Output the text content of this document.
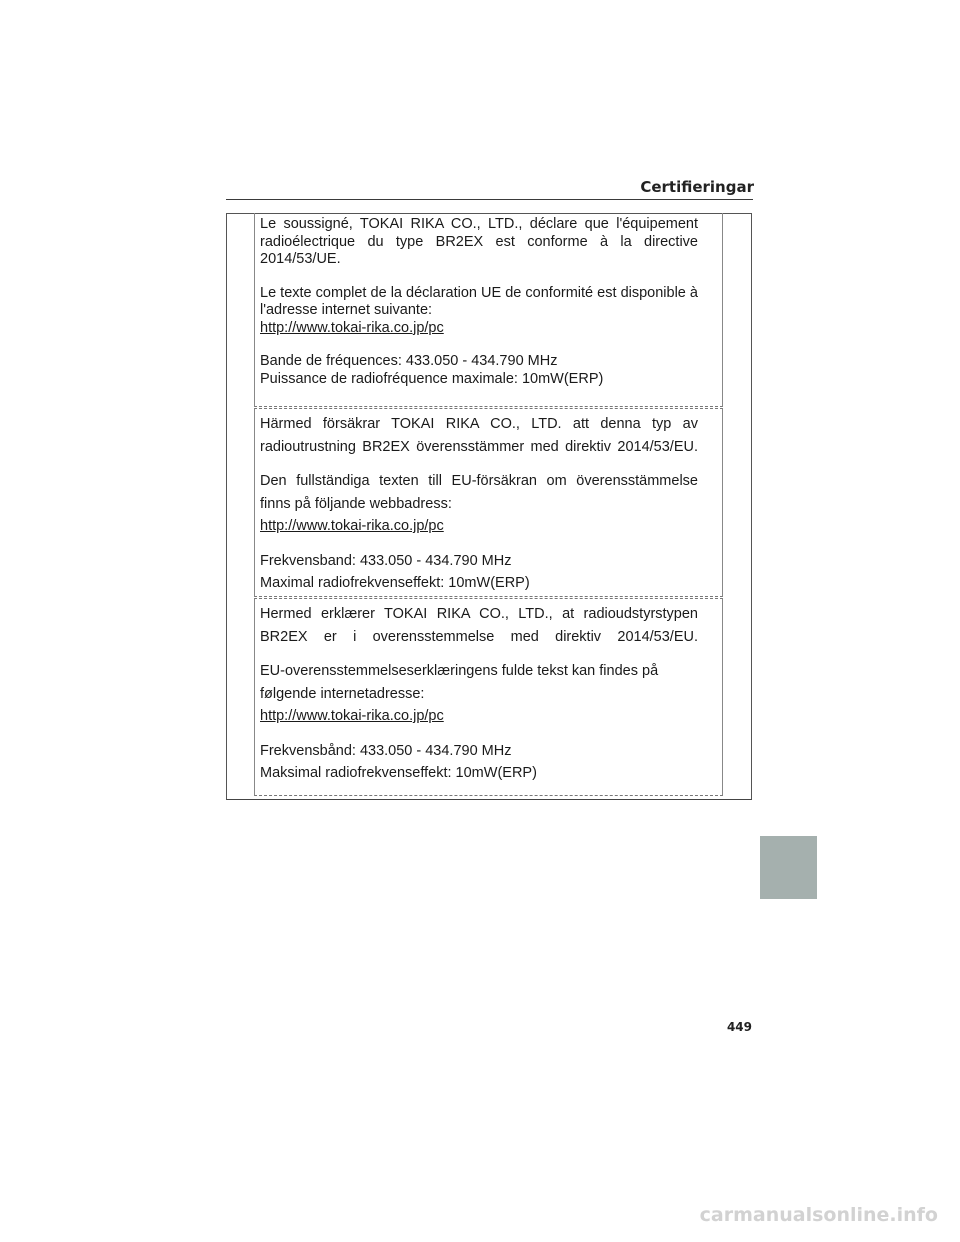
Certifieringar

Le soussigné, TOKAI RIKA CO., LTD., déclare que l'équipement radioélectrique du type BR2EX est conforme à la directive 2014/53/UE.

Le texte complet de la déclaration UE de conformité est disponible à l'adresse internet suivante:

http://www.tokai-rika.co.jp/pc

Bande de fréquences: 433.050 - 434.790 MHz

Puissance de radiofréquence maximale: 10mW(ERP)

Härmed försäkrar TOKAI RIKA CO., LTD. att denna typ av radioutrustning BR2EX överensstämmer med direktiv 2014/53/EU.

Den fullständiga texten till EU-försäkran om överensstämmelse finns på följande webbadress:

http://www.tokai-rika.co.jp/pc

Frekvensband: 433.050 - 434.790 MHz

Maximal radiofrekvenseffekt: 10mW(ERP)

Hermed erklærer TOKAI RIKA CO., LTD., at radioudstyrstypen BR2EX er i overensstemmelse med direktiv 2014/53/EU.

EU-overensstemmelseserklæringens fulde tekst kan findes på

følgende internetadresse:

http://www.tokai-rika.co.jp/pc

Frekvensbånd: 433.050 - 434.790 MHz

Maksimal radiofrekvenseffekt: 10mW(ERP)

449

carmanualsonline.info
